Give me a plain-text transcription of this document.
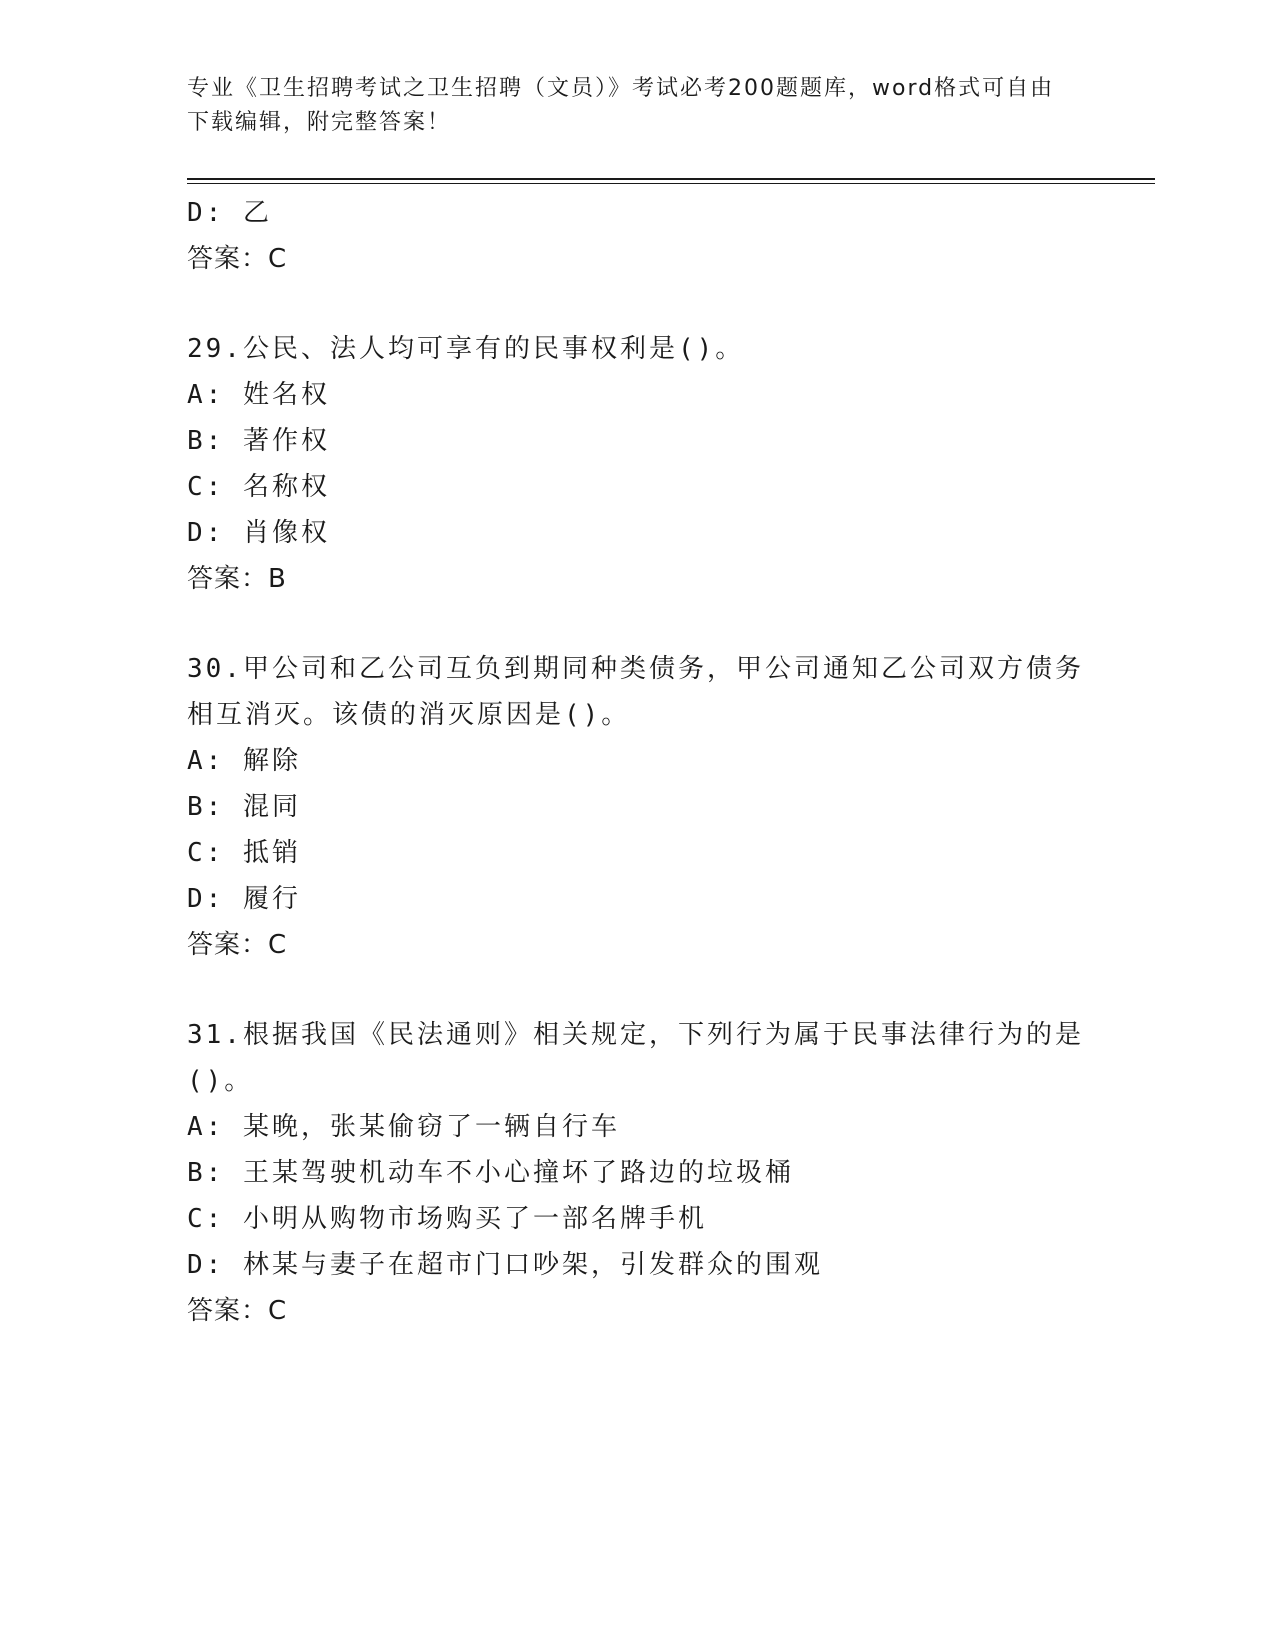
专业《卫生招聘考试之卫生招聘（文员）》考试必考200题题库，word格式可自由下载编辑，附完整答案！
D: 乙
答案：C
29.公民、法人均可享有的民事权利是()。
A: 姓名权
B: 著作权
C: 名称权
D: 肖像权
答案：B
30.甲公司和乙公司互负到期同种类债务，甲公司通知乙公司双方债务相互消灭。该债的消灭原因是()。
A: 解除
B: 混同
C: 抵销
D: 履行
答案：C
31.根据我国《民法通则》相关规定，下列行为属于民事法律行为的是()。
A: 某晚，张某偷窃了一辆自行车
B: 王某驾驶机动车不小心撞坏了路边的垃圾桶
C: 小明从购物市场购买了一部名牌手机
D: 林某与妻子在超市门口吵架，引发群众的围观
答案：C
